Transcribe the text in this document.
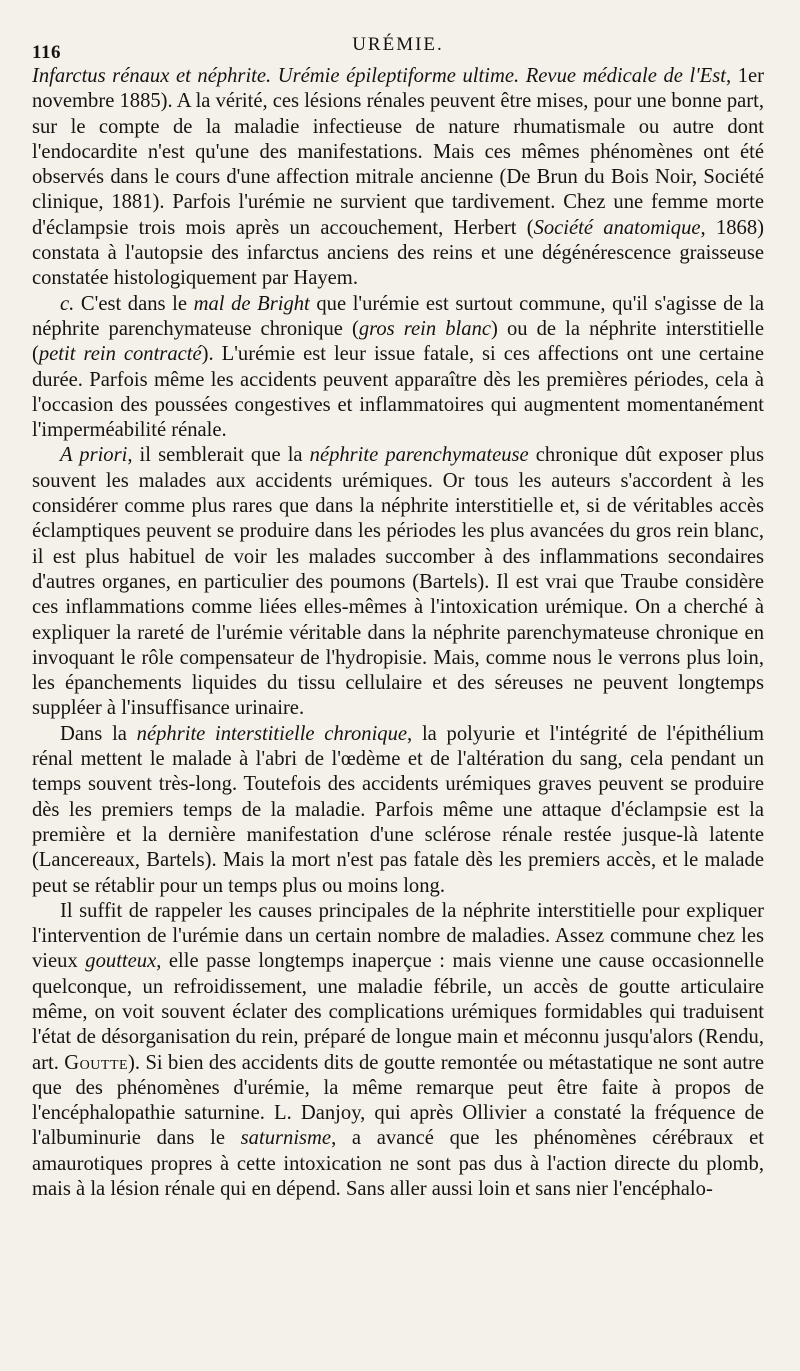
116	URÉMIE.

Infarctus rénaux et néphrite. Urémie épileptiforme ultime. Revue médicale de l'Est, 1er novembre 1885). A la vérité, ces lésions rénales peuvent être mises, pour une bonne part, sur le compte de la maladie infectieuse de nature rhumatismale ou autre dont l'endocardite n'est qu'une des manifestations. Mais ces mêmes phénomènes ont été observés dans le cours d'une affection mitrale ancienne (De Brun du Bois Noir, Société clinique, 1881). Parfois l'urémie ne survient que tardivement. Chez une femme morte d'éclampsie trois mois après un accouchement, Herbert (Société anatomique, 1868) constata à l'autopsie des infarctus anciens des reins et une dégénérescence graisseuse constatée histologiquement par Hayem.

c. C'est dans le mal de Bright que l'urémie est surtout commune, qu'il s'agisse de la néphrite parenchymateuse chronique (gros rein blanc) ou de la néphrite interstitielle (petit rein contracté). L'urémie est leur issue fatale, si ces affections ont une certaine durée. Parfois même les accidents peuvent apparaître dès les premières périodes, cela à l'occasion des poussées congestives et inflammatoires qui augmentent momentanément l'imperméabilité rénale.

A priori, il semblerait que la néphrite parenchymateuse chronique dût exposer plus souvent les malades aux accidents urémiques. Or tous les auteurs s'accordent à les considérer comme plus rares que dans la néphrite interstitielle et, si de véritables accès éclamptiques peuvent se produire dans les périodes les plus avancées du gros rein blanc, il est plus habituel de voir les malades succomber à des inflammations secondaires d'autres organes, en particulier des poumons (Bartels). Il est vrai que Traube considère ces inflammations comme liées elles-mêmes à l'intoxication urémique. On a cherché à expliquer la rareté de l'urémie véritable dans la néphrite parenchymateuse chronique en invoquant le rôle compensateur de l'hydropisie. Mais, comme nous le verrons plus loin, les épanchements liquides du tissu cellulaire et des séreuses ne peuvent longtemps suppléer à l'insuffisance urinaire.

Dans la néphrite interstitielle chronique, la polyurie et l'intégrité de l'épithélium rénal mettent le malade à l'abri de l'œdème et de l'altération du sang, cela pendant un temps souvent très-long. Toutefois des accidents urémiques graves peuvent se produire dès les premiers temps de la maladie. Parfois même une attaque d'éclampsie est la première et la dernière manifestation d'une sclérose rénale restée jusque-là latente (Lancereaux, Bartels). Mais la mort n'est pas fatale dès les premiers accès, et le malade peut se rétablir pour un temps plus ou moins long.

Il suffit de rappeler les causes principales de la néphrite interstitielle pour expliquer l'intervention de l'urémie dans un certain nombre de maladies. Assez commune chez les vieux goutteux, elle passe longtemps inaperçue : mais vienne une cause occasionnelle quelconque, un refroidissement, une maladie fébrile, un accès de goutte articulaire même, on voit souvent éclater des complications urémiques formidables qui traduisent l'état de désorganisation du rein, préparé de longue main et méconnu jusqu'alors (Rendu, art. Goutte). Si bien des accidents dits de goutte remontée ou métastatique ne sont autre que des phénomènes d'urémie, la même remarque peut être faite à propos de l'encéphalopathie saturnine. L. Danjoy, qui après Ollivier a constaté la fréquence de l'albuminurie dans le saturnisme, a avancé que les phénomènes cérébraux et amaurotiques propres à cette intoxication ne sont pas dus à l'action directe du plomb, mais à la lésion rénale qui en dépend. Sans aller aussi loin et sans nier l'encéphalo-
